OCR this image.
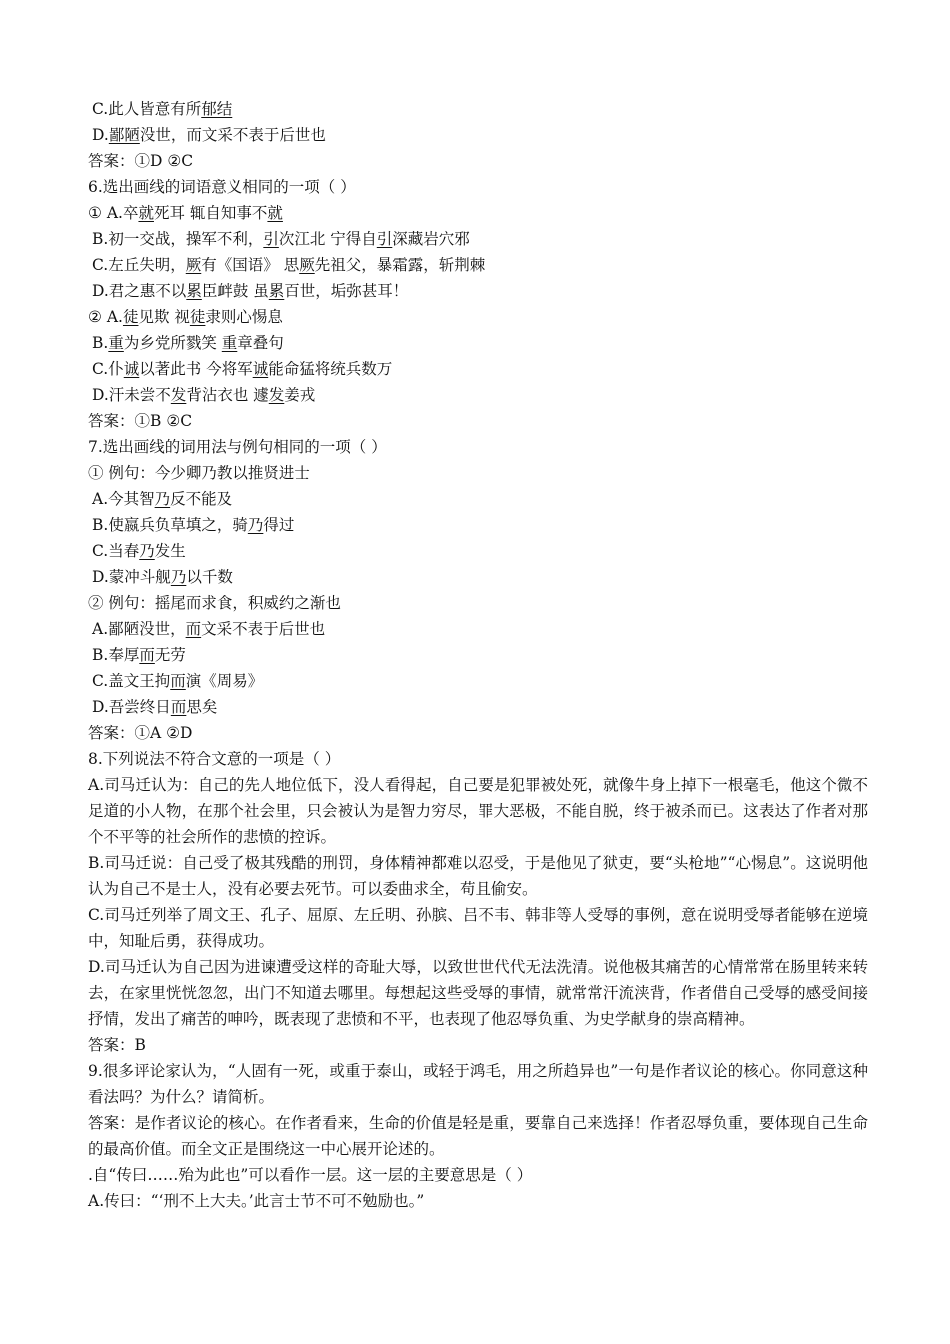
C.此人皆意有所郁结
D.鄙陋没世，而文采不表于后世也
答案：①D ②C
6.选出画线的词语意义相同的一项（ ）
① A.卒就死耳 辄自知事不就
B.初一交战，操军不利，引次江北 宁得自引深藏岩穴邪
C.左丘失明，厥有《国语》 思厥先祖父，暴霜露，斩荆棘
D.君之惠不以累臣衅鼓 虽累百世，垢弥甚耳！
② A.徒见欺 视徒隶则心惕息
B.重为乡党所戮笑 重章叠句
C.仆诚以著此书 今将军诚能命猛将统兵数万
D.汗未尝不发背沾衣也 遽发姜戎
答案：①B ②C
7.选出画线的词用法与例句相同的一项（ ）
① 例句：今少卿乃教以推贤进士
A.今其智乃反不能及
B.使嬴兵负草填之，骑乃得过
C.当春乃发生
D.蒙冲斗舰乃以千数
② 例句：摇尾而求食，积威约之渐也
A.鄙陋没世，而文采不表于后世也
B.奉厚而无劳
C.盖文王拘而演《周易》
D.吾尝终日而思矣
答案：①A ②D
8.下列说法不符合文意的一项是（ ）
A.司马迁认为：自己的先人地位低下，没人看得起，自己要是犯罪被处死，就像牛身上掉下一根毫毛，他这个微不足道的小人物，在那个社会里，只会被认为是智力穷尽，罪大恶极，不能自脱，终于被杀而已。这表达了作者对那个不平等的社会所作的悲愤的控诉。
B.司马迁说：自己受了极其残酷的刑罚，身体精神都难以忍受，于是他见了狱吏，要“头枪地”“心惕息”。这说明他认为自己不是士人，没有必要去死节。可以委曲求全，苟且偷安。
C.司马迁列举了周文王、孔子、屈原、左丘明、孙膑、吕不韦、韩非等人受辱的事例，意在说明受辱者能够在逆境中，知耻后勇，获得成功。
D.司马迁认为自己因为进谏遭受这样的奇耻大辱，以致世世代代无法洗清。说他极其痛苦的心情常常在肠里转来转去，在家里恍恍忽忽，出门不知道去哪里。每想起这些受辱的事情，就常常汗流浃背，作者借自己受辱的感受间接抒情，发出了痛苦的呻吟，既表现了悲愤和不平，也表现了他忍辱负重、为史学献身的崇高精神。
答案：B
9.很多评论家认为，“人固有一死，或重于泰山，或轻于鸿毛，用之所趋异也”一句是作者议论的核心。你同意这种看法吗？为什么？请简析。
答案：是作者议论的核心。在作者看来，生命的价值是轻是重，要靠自己来选择！作者忍辱负重，要体现自己生命的最高价值。而全文正是围绕这一中心展开论述的。
.自“传曰……殆为此也”可以看作一层。这一层的主要意思是（ ）
A.传曰：“‘刑不上大夫。’此言士节不可不勉励也。”
